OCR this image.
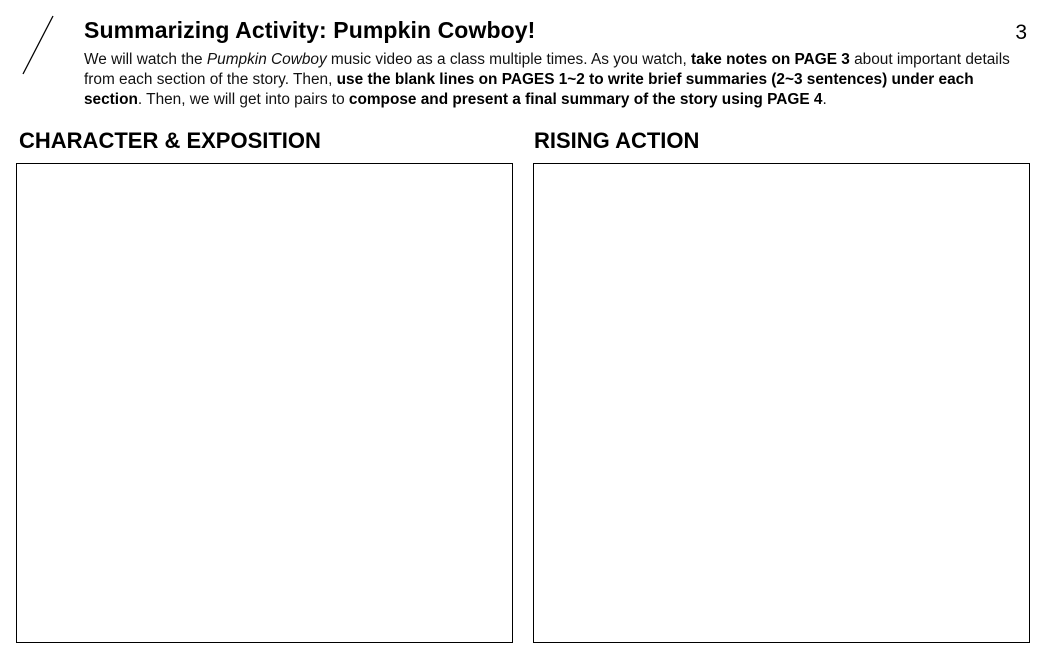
Summarizing Activity: Pumpkin Cowboy!	3

We will watch the Pumpkin Cowboy music video as a class multiple times. As you watch, take notes on PAGE 3 about important details from each section of the story. Then, use the blank lines on PAGES 1~2 to write brief summaries (2~3 sentences) under each section. Then, we will get into pairs to compose and present a final summary of the story using PAGE 4.

CHARACTER & EXPOSITION	RISING ACTION
